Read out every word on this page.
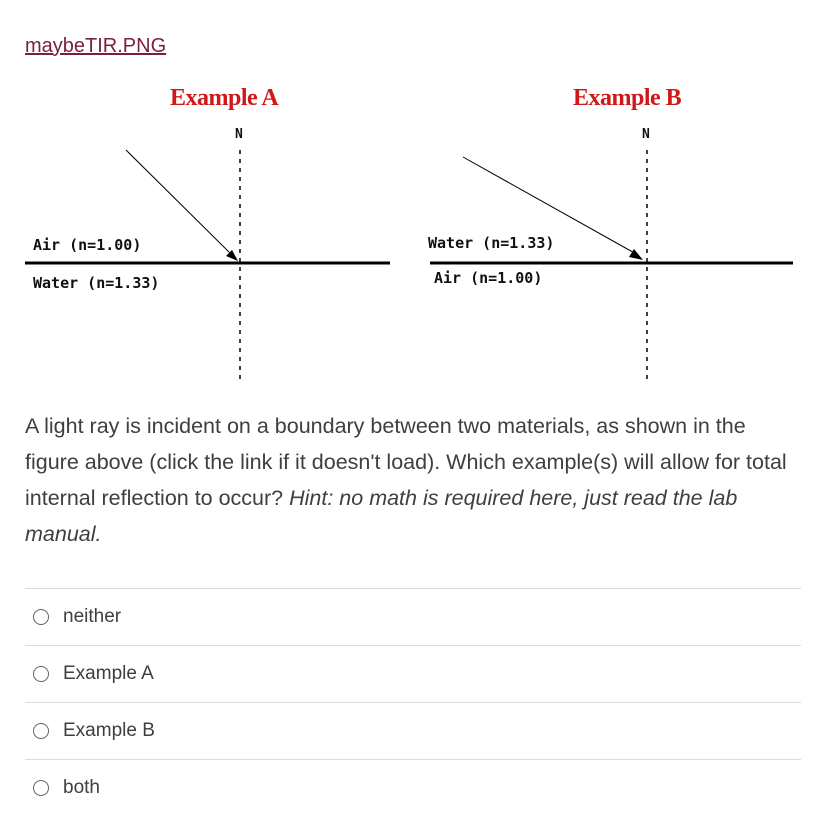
maybeTIR.PNG
Example A
N
Air (n=1.00)
Water (n=1.33)
Example B
N
Water (n=1.33)
Air (n=1.00)
A light ray is incident on a boundary between two materials, as shown in the figure above (click the link if it doesn't load). Which example(s) will allow for total internal reflection to occur? Hint: no math is required here, just read the lab manual.
neither
Example A
Example B
both
